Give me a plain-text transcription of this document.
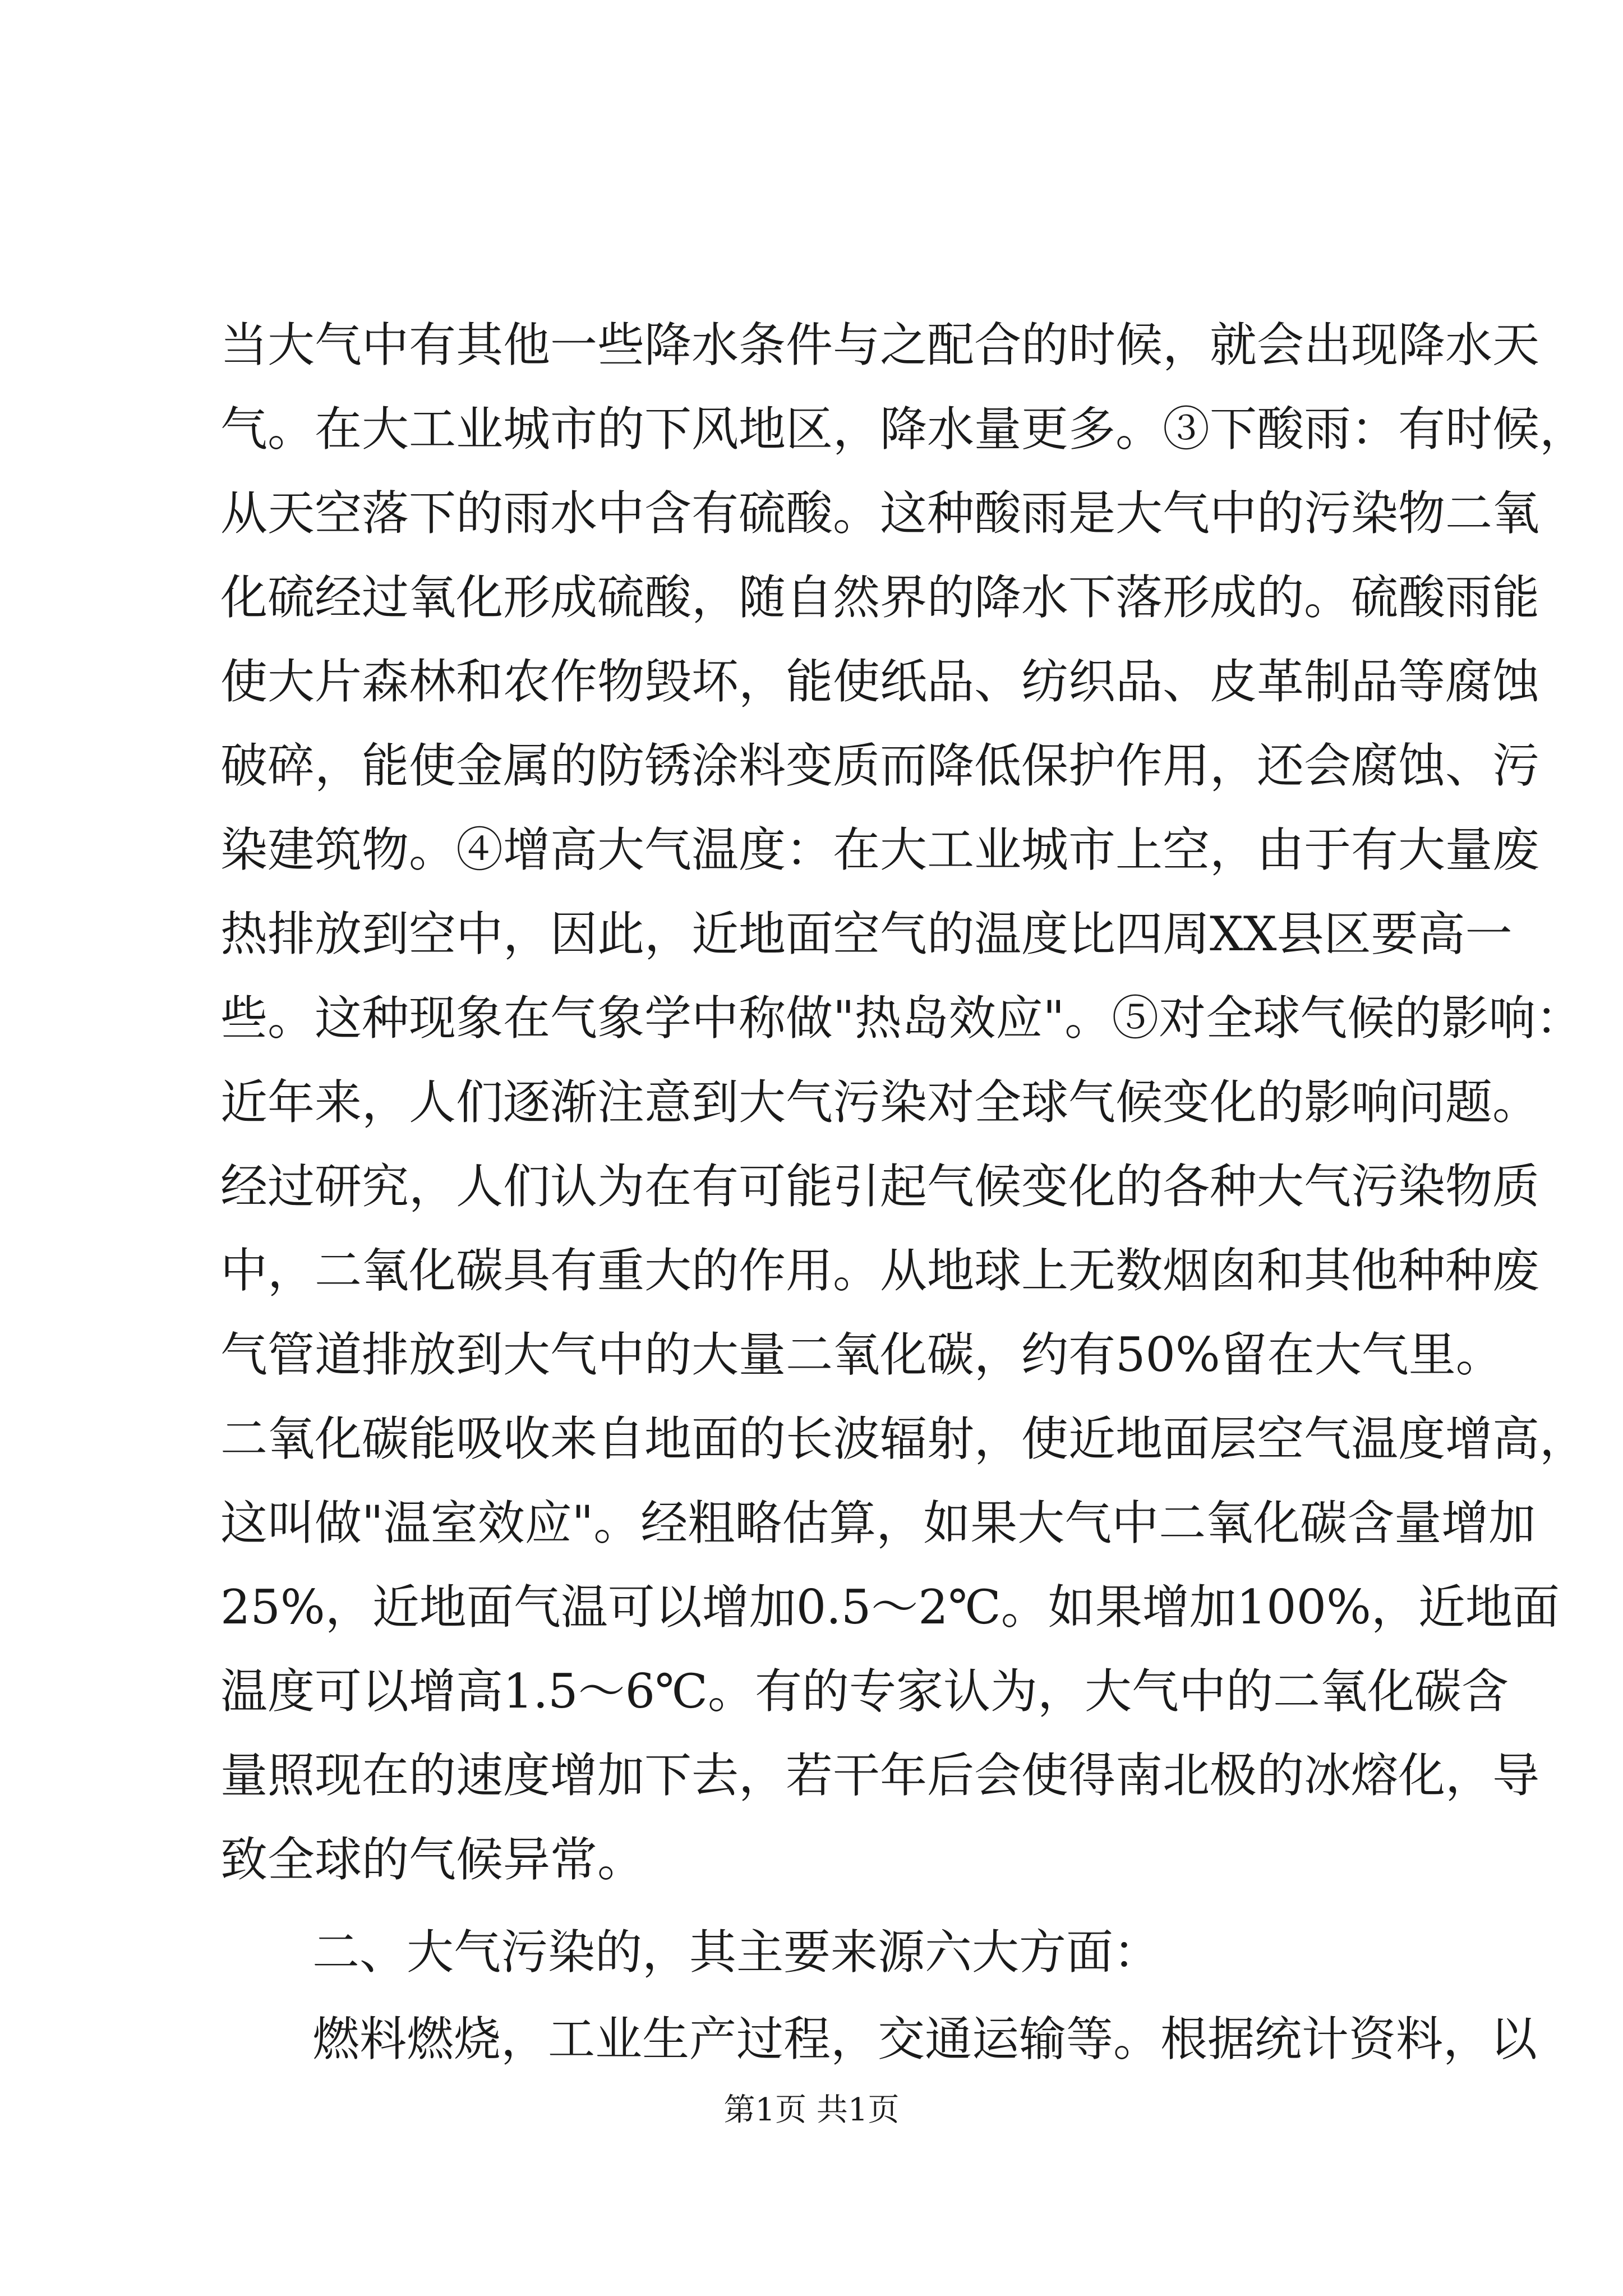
当大气中有其他一些降水条件与之配合的时候，就会出现降水天
气。在大工业城市的下风地区，降水量更多。③下酸雨：有时候，
从天空落下的雨水中含有硫酸。这种酸雨是大气中的污染物二氧
化硫经过氧化形成硫酸，随自然界的降水下落形成的。硫酸雨能
使大片森林和农作物毁坏，能使纸品、纺织品、皮革制品等腐蚀
破碎，能使金属的防锈涂料变质而降低保护作用，还会腐蚀、污
染建筑物。④增高大气温度：在大工业城市上空，由于有大量废
热排放到空中，因此，近地面空气的温度比四周XX县区要高一
些。这种现象在气象学中称做"热岛效应"。⑤对全球气候的影响：
近年来，人们逐渐注意到大气污染对全球气候变化的影响问题。
经过研究，人们认为在有可能引起气候变化的各种大气污染物质
中，二氧化碳具有重大的作用。从地球上无数烟囱和其他种种废
气管道排放到大气中的大量二氧化碳，约有50%留在大气里。
二氧化碳能吸收来自地面的长波辐射，使近地面层空气温度增高，
这叫做"温室效应"。经粗略估算，如果大气中二氧化碳含量增加
25%，近地面气温可以增加0.5～2℃。如果增加100%，近地面
温度可以增高1.5～6℃。有的专家认为，大气中的二氧化碳含
量照现在的速度增加下去，若干年后会使得南北极的冰熔化，导
致全球的气候异常。
二、大气污染的，其主要来源六大方面：
燃料燃烧，工业生产过程，交通运输等。根据统计资料，以
第1页 共1页
